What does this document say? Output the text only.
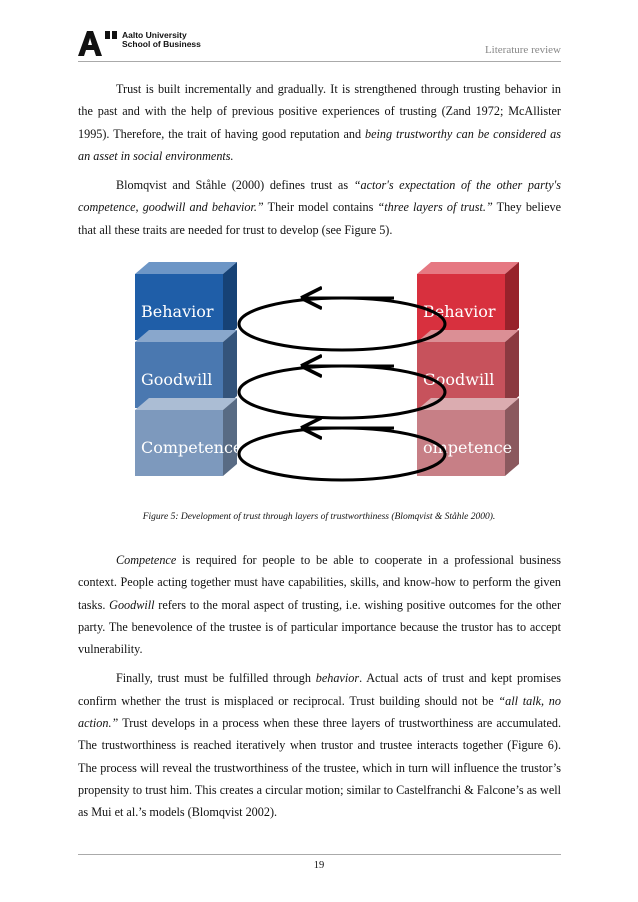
Aalto University
School of Business	Literature review

Trust is built incrementally and gradually. It is strengthened through trusting behavior in the past and with the help of previous positive experiences of trusting (Zand 1972; McAllister 1995). Therefore, the trait of having good reputation and being trustworthy can be considered as an asset in social environments.

Blomqvist and Ståhle (2000) defines trust as “actor's expectation of the other party's competence, goodwill and behavior.” Their model contains “three layers of trust.” They believe that all these traits are needed for trust to develop (see Figure 5).

Behavior
Goodwill
Competence
Behavior
Goodwill
ompetence
Figure 5: Development of trust through layers of trustworthiness (Blomqvist & Ståhle 2000).

Competence is required for people to be able to cooperate in a professional business context. People acting together must have capabilities, skills, and know-how to perform the given tasks. Goodwill refers to the moral aspect of trusting, i.e. wishing positive outcomes for the other party. The benevolence of the trustee is of particular importance because the trustor has to accept vulnerability.

Finally, trust must be fulfilled through behavior. Actual acts of trust and kept promises confirm whether the trust is misplaced or reciprocal. Trust building should not be “all talk, no action.” Trust develops in a process when these three layers of trustworthiness are accumulated. The trustworthiness is reached iteratively when trustor and trustee interacts together (Figure 6). The process will reveal the trustworthiness of the trustee, which in turn will influence the trustor’s propensity to trust him. This creates a circular motion; similar to Castelfranchi & Falcone’s as well as Mui et al.’s models (Blomqvist 2002).

19
